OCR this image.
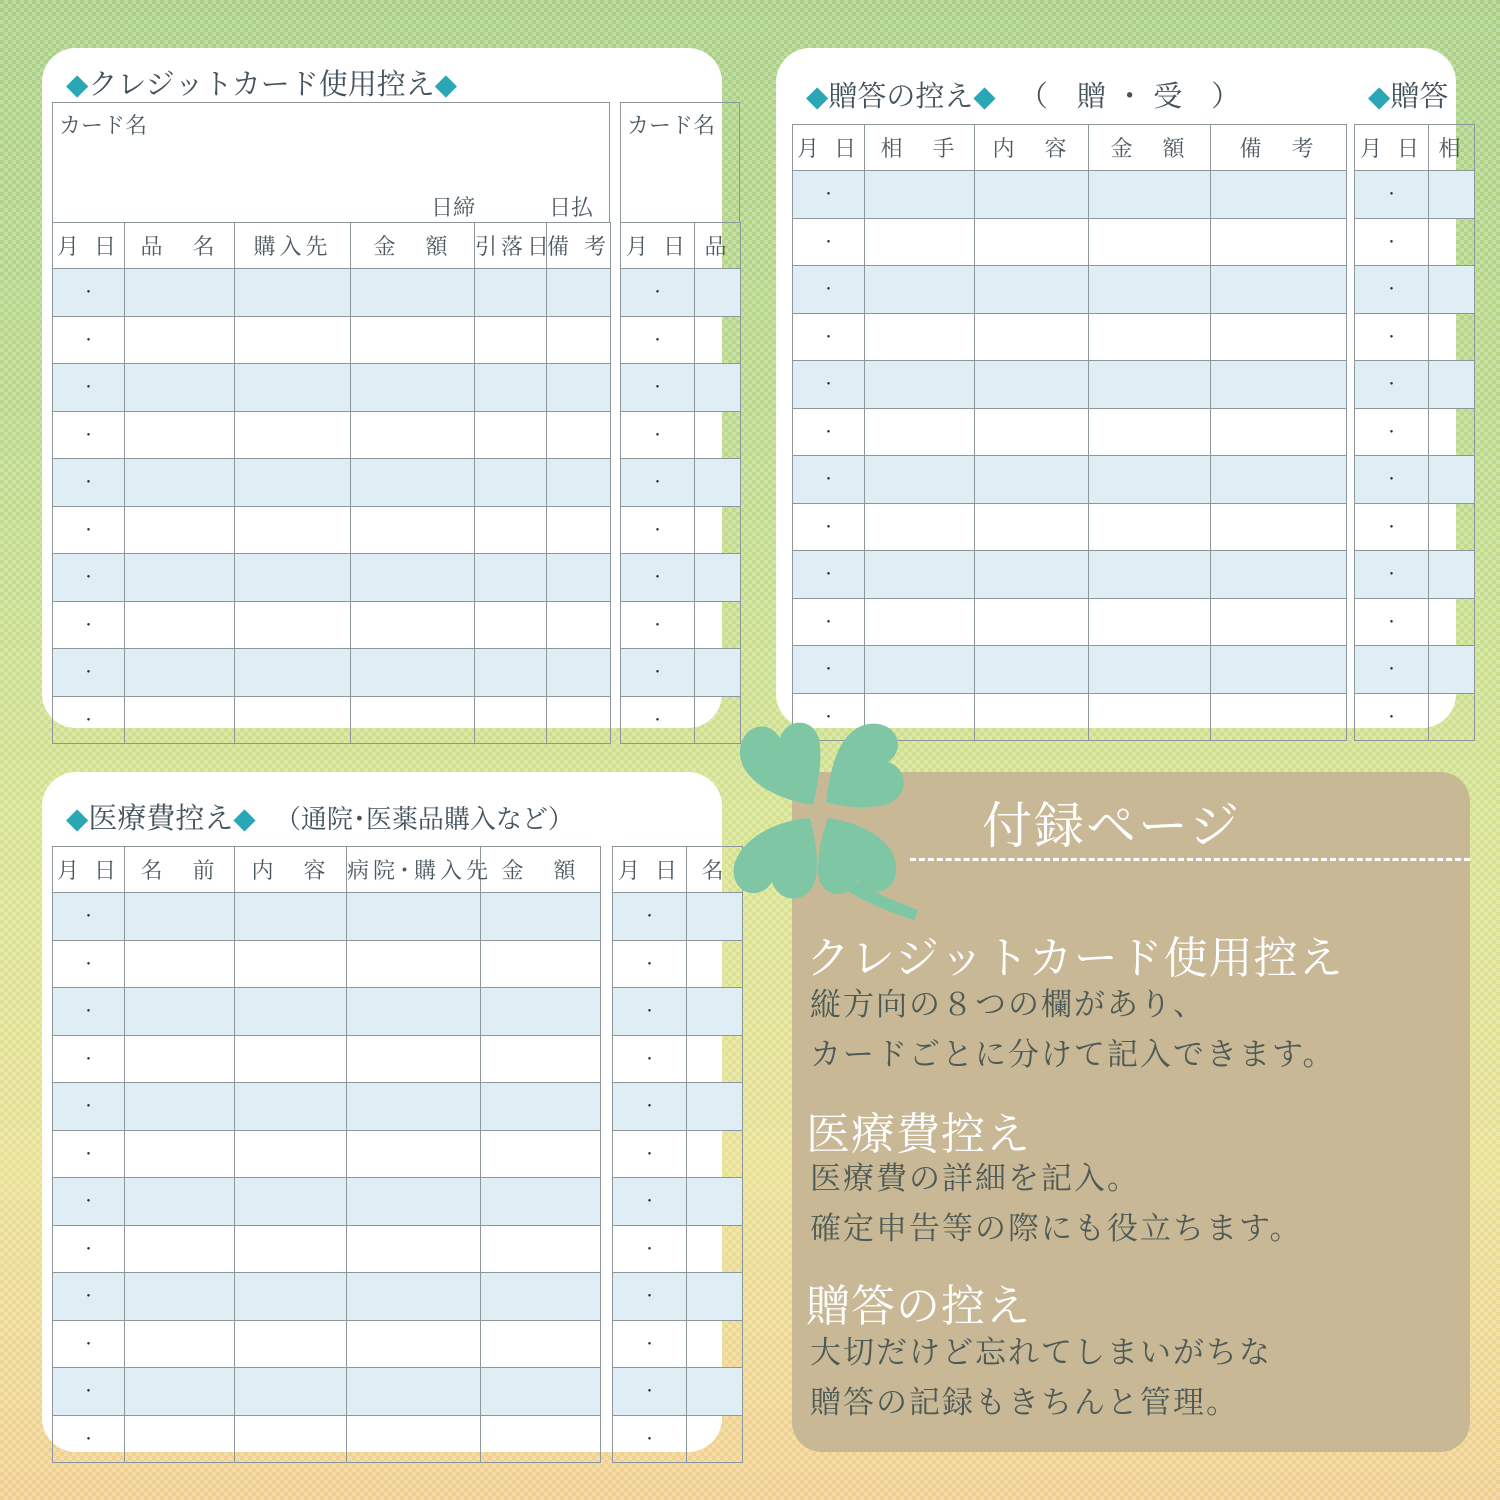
◆クレジットカード使用控え◆
カード名
日締	日払
カード名
月 日	品　名	購入先	金　額	引落日	備 考
・					
・					
・					
・					
・					
・					
・					
・					
・					
・					
月 日	品
・	
・	
・	
・	
・	
・	
・	
・	
・	
・	
◆贈答の控え◆ （　贈 ・ 受　）	◆贈答
月 日	相　手	内　容	金　額	備　考
・				
・				
・				
・				
・				
・				
・				
・				
・				
・				
・				
・				
月 日	相
・	
・	
・	
・	
・	
・	
・	
・	
・	
・	
・	
・	
◆医療費控え◆ （通院･医薬品購入など）
月 日	名　前	内　容	病院･購入先	金　額
・				
・				
・				
・				
・				
・				
・				
・				
・				
・				
・				
・				
月 日	名
・	
・	
・	
・	
・	
・	
・	
・	
・	
・	
・	
・	
付録ページ
クレジットカード使用控え
縦方向の８つの欄があり、
カードごとに分けて記入できます。
医療費控え
医療費の詳細を記入。
確定申告等の際にも役立ちます。
贈答の控え
大切だけど忘れてしまいがちな
贈答の記録もきちんと管理。
